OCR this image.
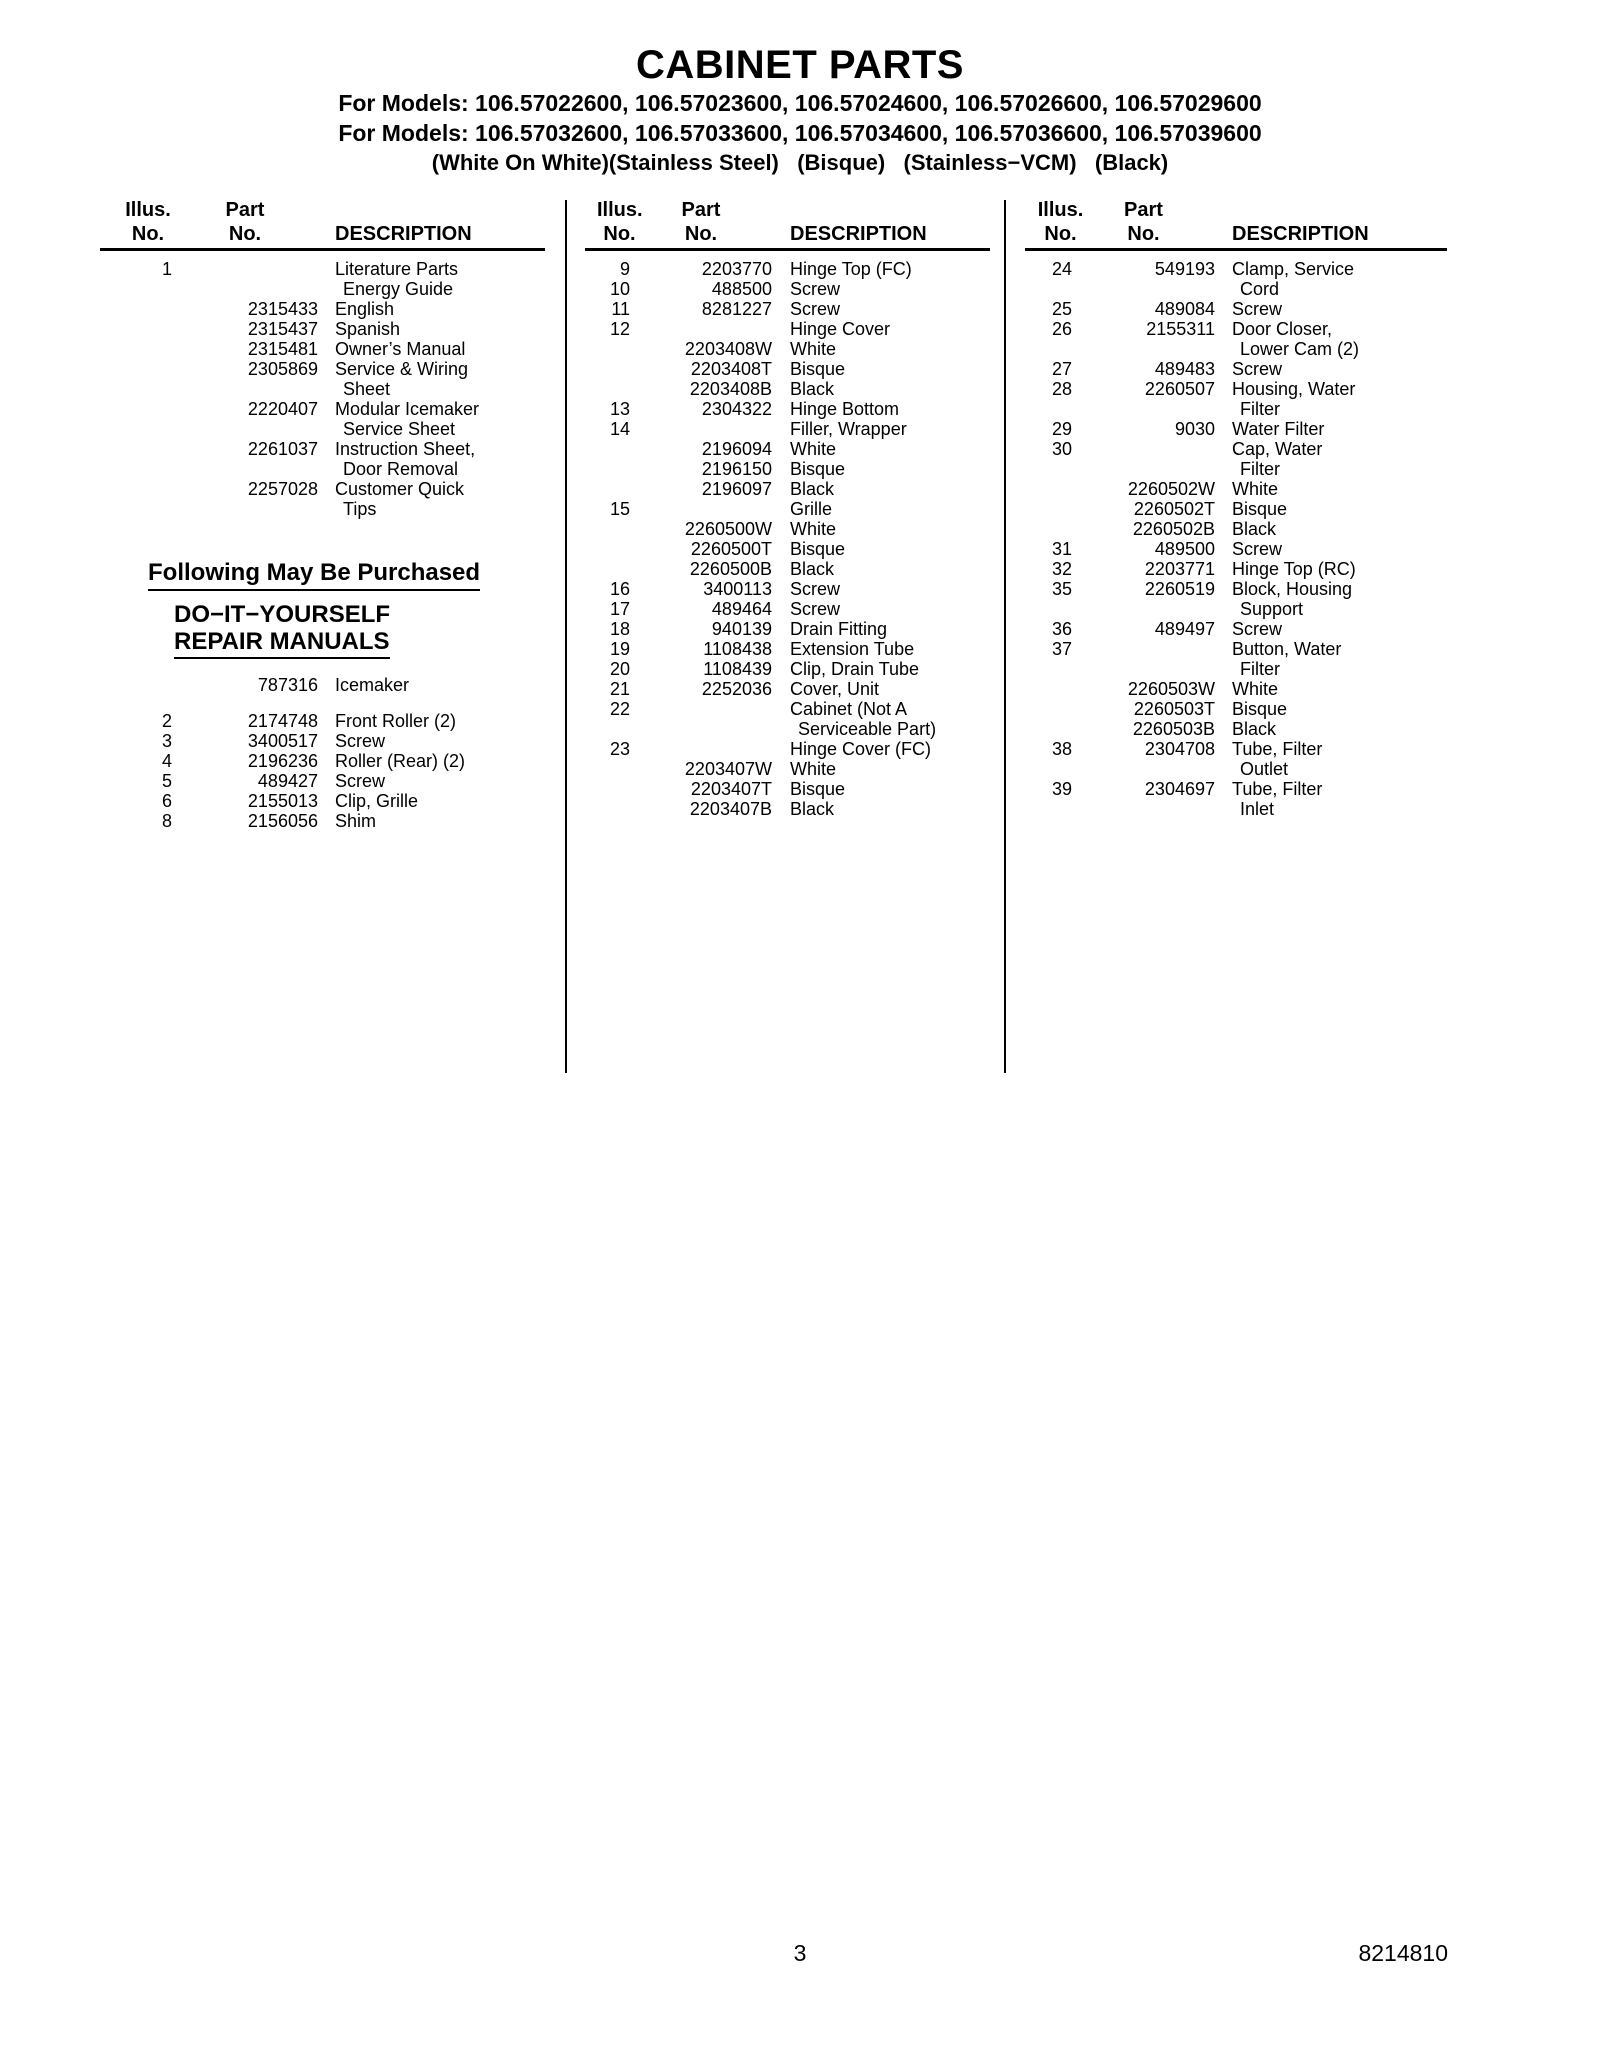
CABINET PARTS
For Models: 106.57022600, 106.57023600, 106.57024600, 106.57026600, 106.57029600
For Models: 106.57032600, 106.57033600, 106.57034600, 106.57036600, 106.57039600
(White On White)(Stainless Steel)   (Bisque)   (Stainless−VCM)   (Black)
Illus.	Part
No.	No.	DESCRIPTION
1	Literature Parts
Energy Guide
2315433 English
2315437 Spanish
2315481 Owner’s Manual
2305869 Service & Wiring
Sheet
2220407 Modular Icemaker
Service Sheet
2261037 Instruction Sheet,
Door Removal
2257028 Customer Quick
Tips
Following May Be Purchased
DO−IT−YOURSELF
REPAIR MANUALS
787316 Icemaker
2	2174748 Front Roller (2)
3	3400517 Screw
4	2196236 Roller (Rear) (2)
5	489427 Screw
6	2155013 Clip, Grille
8	2156056 Shim
Illus.	Part
No.	No.	DESCRIPTION
9	2203770	Hinge Top (FC)
10	488500	Screw
11	8281227	Screw
12	Hinge Cover
2203408W	White
2203408T	Bisque
2203408B	Black
13	2304322	Hinge Bottom
14	Filler, Wrapper
2196094	White
2196150	Bisque
2196097	Black
15	Grille
2260500W	White
2260500T	Bisque
2260500B	Black
16	3400113	Screw
17	489464	Screw
18	940139	Drain Fitting
19	1108438	Extension Tube
20	1108439	Clip, Drain Tube
21	2252036	Cover, Unit
22	Cabinet (Not A
Serviceable Part)
23	Hinge Cover (FC)
2203407W	White
2203407T	Bisque
2203407B	Black
Illus.	Part
No.	No.	DESCRIPTION
24	549193 Clamp, Service
Cord
25	489084 Screw
26	2155311 Door Closer,
Lower Cam (2)
27	489483 Screw
28	2260507 Housing, Water
Filter
29	9030 Water Filter
30	Cap, Water
Filter
2260502W White
2260502T Bisque
2260502B Black
31	489500 Screw
32	2203771 Hinge Top (RC)
35	2260519 Block, Housing
Support
36	489497 Screw
37	Button, Water
Filter
2260503W White
2260503T Bisque
2260503B Black
38	2304708 Tube, Filter
Outlet
39	2304697 Tube, Filter
Inlet
3	8214810
